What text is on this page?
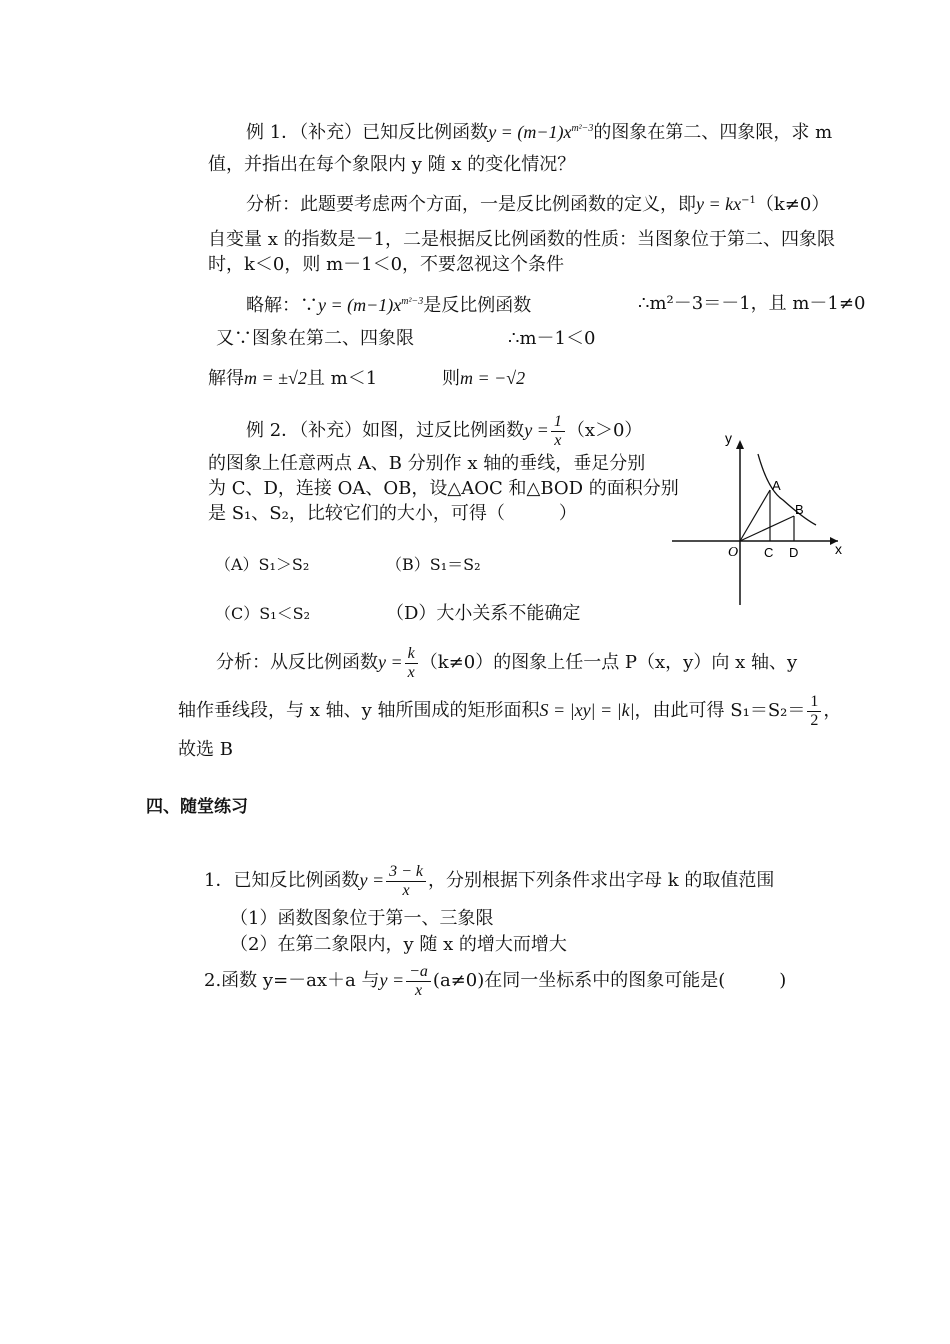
例 1．（补充）已知反比例函数$y = (m-1)x^{m^2-3}$的图象在第二、四象限，求 m
值，并指出在每个象限内 y 随 x 的变化情况？
分析：此题要考虑两个方面，一是反比例函数的定义，即$y = kx^{-1}(k\ne 0)$
自变量 x 的指数是－1，二是根据反比例函数的性质：当图象位于第二、四象限
时，k＜0，则 m－1＜0，不要忽视这个条件
略解：∵y = $(m-1)x^{m^2-3}$是反比例函数	∴m²－3＝－1，且 m－1≠0
又∵图象在第二、四象限	∴m－1＜0
解得m = ±√2且 m＜1	则m = −√2
例 2．（补充）如图，过反比例函数$y = \frac{1}{x} (x>0)$
的图象上任意两点 A、B 分别作 x 轴的垂线，垂足分别
为 C、D，连接 OA、OB，设△AOC 和△BOD 的面积分别
是 S₁、S₂，比较它们的大小，可得（　　　）
（A）S₁＞S₂	（B）S₁＝S₂
（C）S₁＜S₂	（D）大小关系不能确定
y
x
O
A
B
C D
分析：从反比例函数$y = \frac{k}{x} (k\ne 0)$的图象上任一点 P（x，y）向 x 轴、y
轴作垂线段，与 x 轴、y 轴所围成的矩形面积S = |xy| = |k|，由此可得 $S_1=S_2= \frac{1}{2}$ ，
故选 B
四、随堂练习
1．已知反比例函数$y = \frac{3 - k}{x}$ ，分别根据下列条件求出字母 k 的取值范围
（1）函数图象位于第一、三象限
（2）在第二象限内，y 随 x 的增大而增大
2.函数 y=－ax＋a 与$y = \frac{-a}{x} (a\ne 0)$在同一坐标系中的图象可能是(　　　)
